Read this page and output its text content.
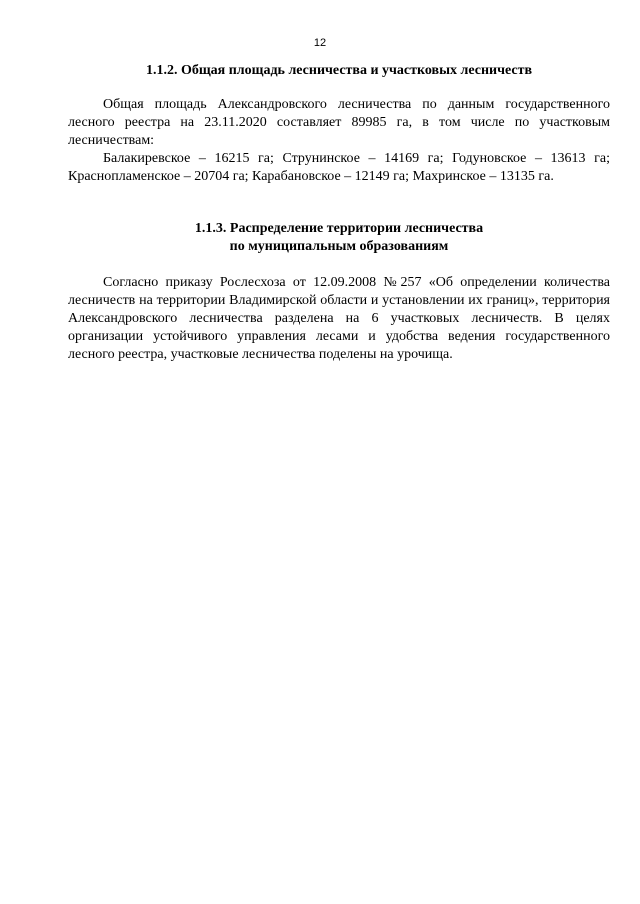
12
1.1.2. Общая площадь лесничества и участковых лесничеств

Общая площадь Александровского лесничества по данным государственного лесного реестра на 23.11.2020 составляет 89985 га, в том числе по участковым лесничествам:

Балакиревское – 16215 га; Струнинское – 14169 га; Годуновское – 13613 га; Краснопламенское – 20704 га; Карабановское – 12149 га; Махринское – 13135 га.

1.1.3. Распределение территории лесничества
по муниципальным образованиям

Согласно приказу Рослесхоза от 12.09.2008 №257 «Об определении количества лесничеств на территории Владимирской области и установлении их границ», территория Александровского лесничества разделена на 6 участковых лесничеств. В целях организации устойчивого управления лесами и удобства ведения государственного лесного реестра, участковые лесничества поделены на урочища.
